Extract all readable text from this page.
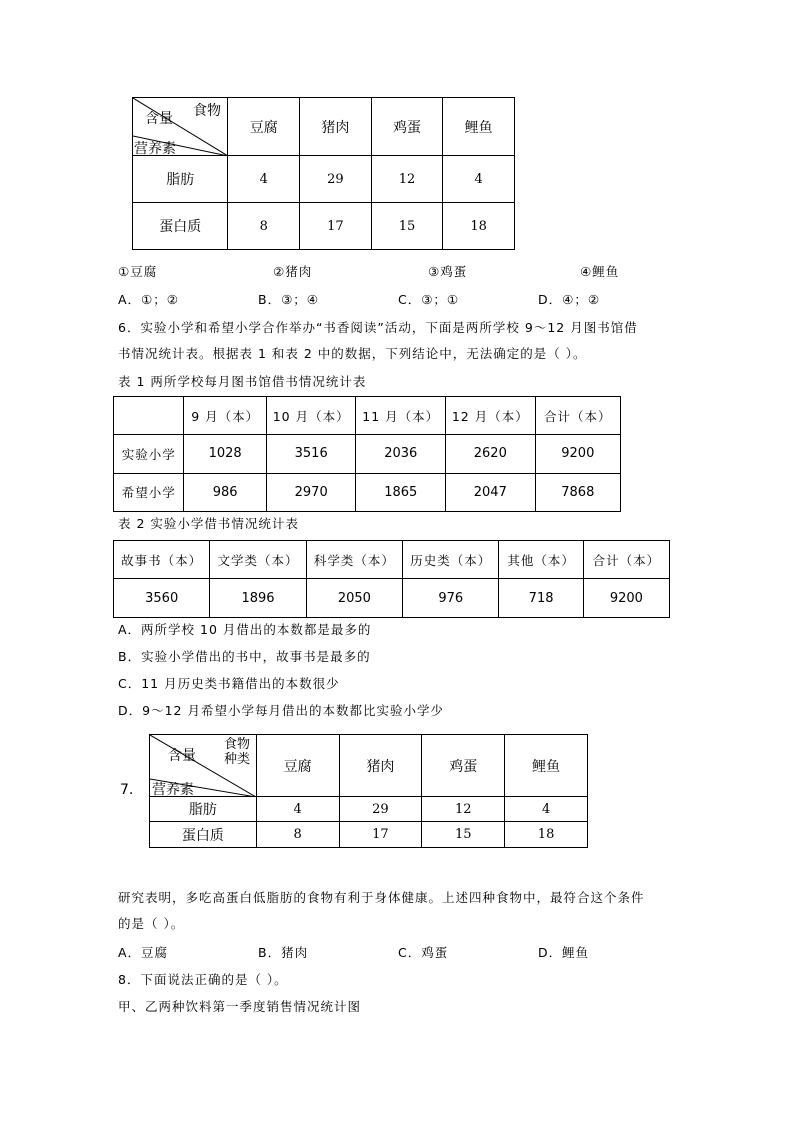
食物
含量
营养素	豆腐	猪肉	鸡蛋	鲤鱼
脂肪	4	29	12	4
蛋白质	8	17	15	18
①豆腐	②猪肉	③鸡蛋	④鲤鱼
A．①；②	B．③；④	C．③；①	D．④；②
6．实验小学和希望小学合作举办“书香阅读”活动，下面是两所学校 9～12 月图书馆借
书情况统计表。根据表 1 和表 2 中的数据，下列结论中，无法确定的是（ ）。
表 1 两所学校每月图书馆借书情况统计表
	9 月（本）	10 月（本）	11 月（本）	12 月（本）	合计（本）
实验小学	1028	3516	2036	2620	9200
希望小学	986	2970	1865	2047	7868
表 2 实验小学借书情况统计表
故事书（本）	文学类（本）	科学类（本）	历史类（本）	其他（本）	合计（本）
3560	1896	2050	976	718	9200
A．两所学校 10 月借出的本数都是最多的
B．实验小学借出的书中，故事书是最多的
C．11 月历史类书籍借出的本数很少
D．9～12 月希望小学每月借出的本数都比实验小学少
7.
食物
种类
含量
营养素	豆腐	猪肉	鸡蛋	鲤鱼
脂肪	4	29	12	4
蛋白质	8	17	15	18
研究表明，多吃高蛋白低脂肪的食物有利于身体健康。上述四种食物中，最符合这个条件
的是（ ）。
A．豆腐	B．猪肉	C．鸡蛋	D．鲤鱼
8．下面说法正确的是（ ）。
甲、乙两种饮料第一季度销售情况统计图
